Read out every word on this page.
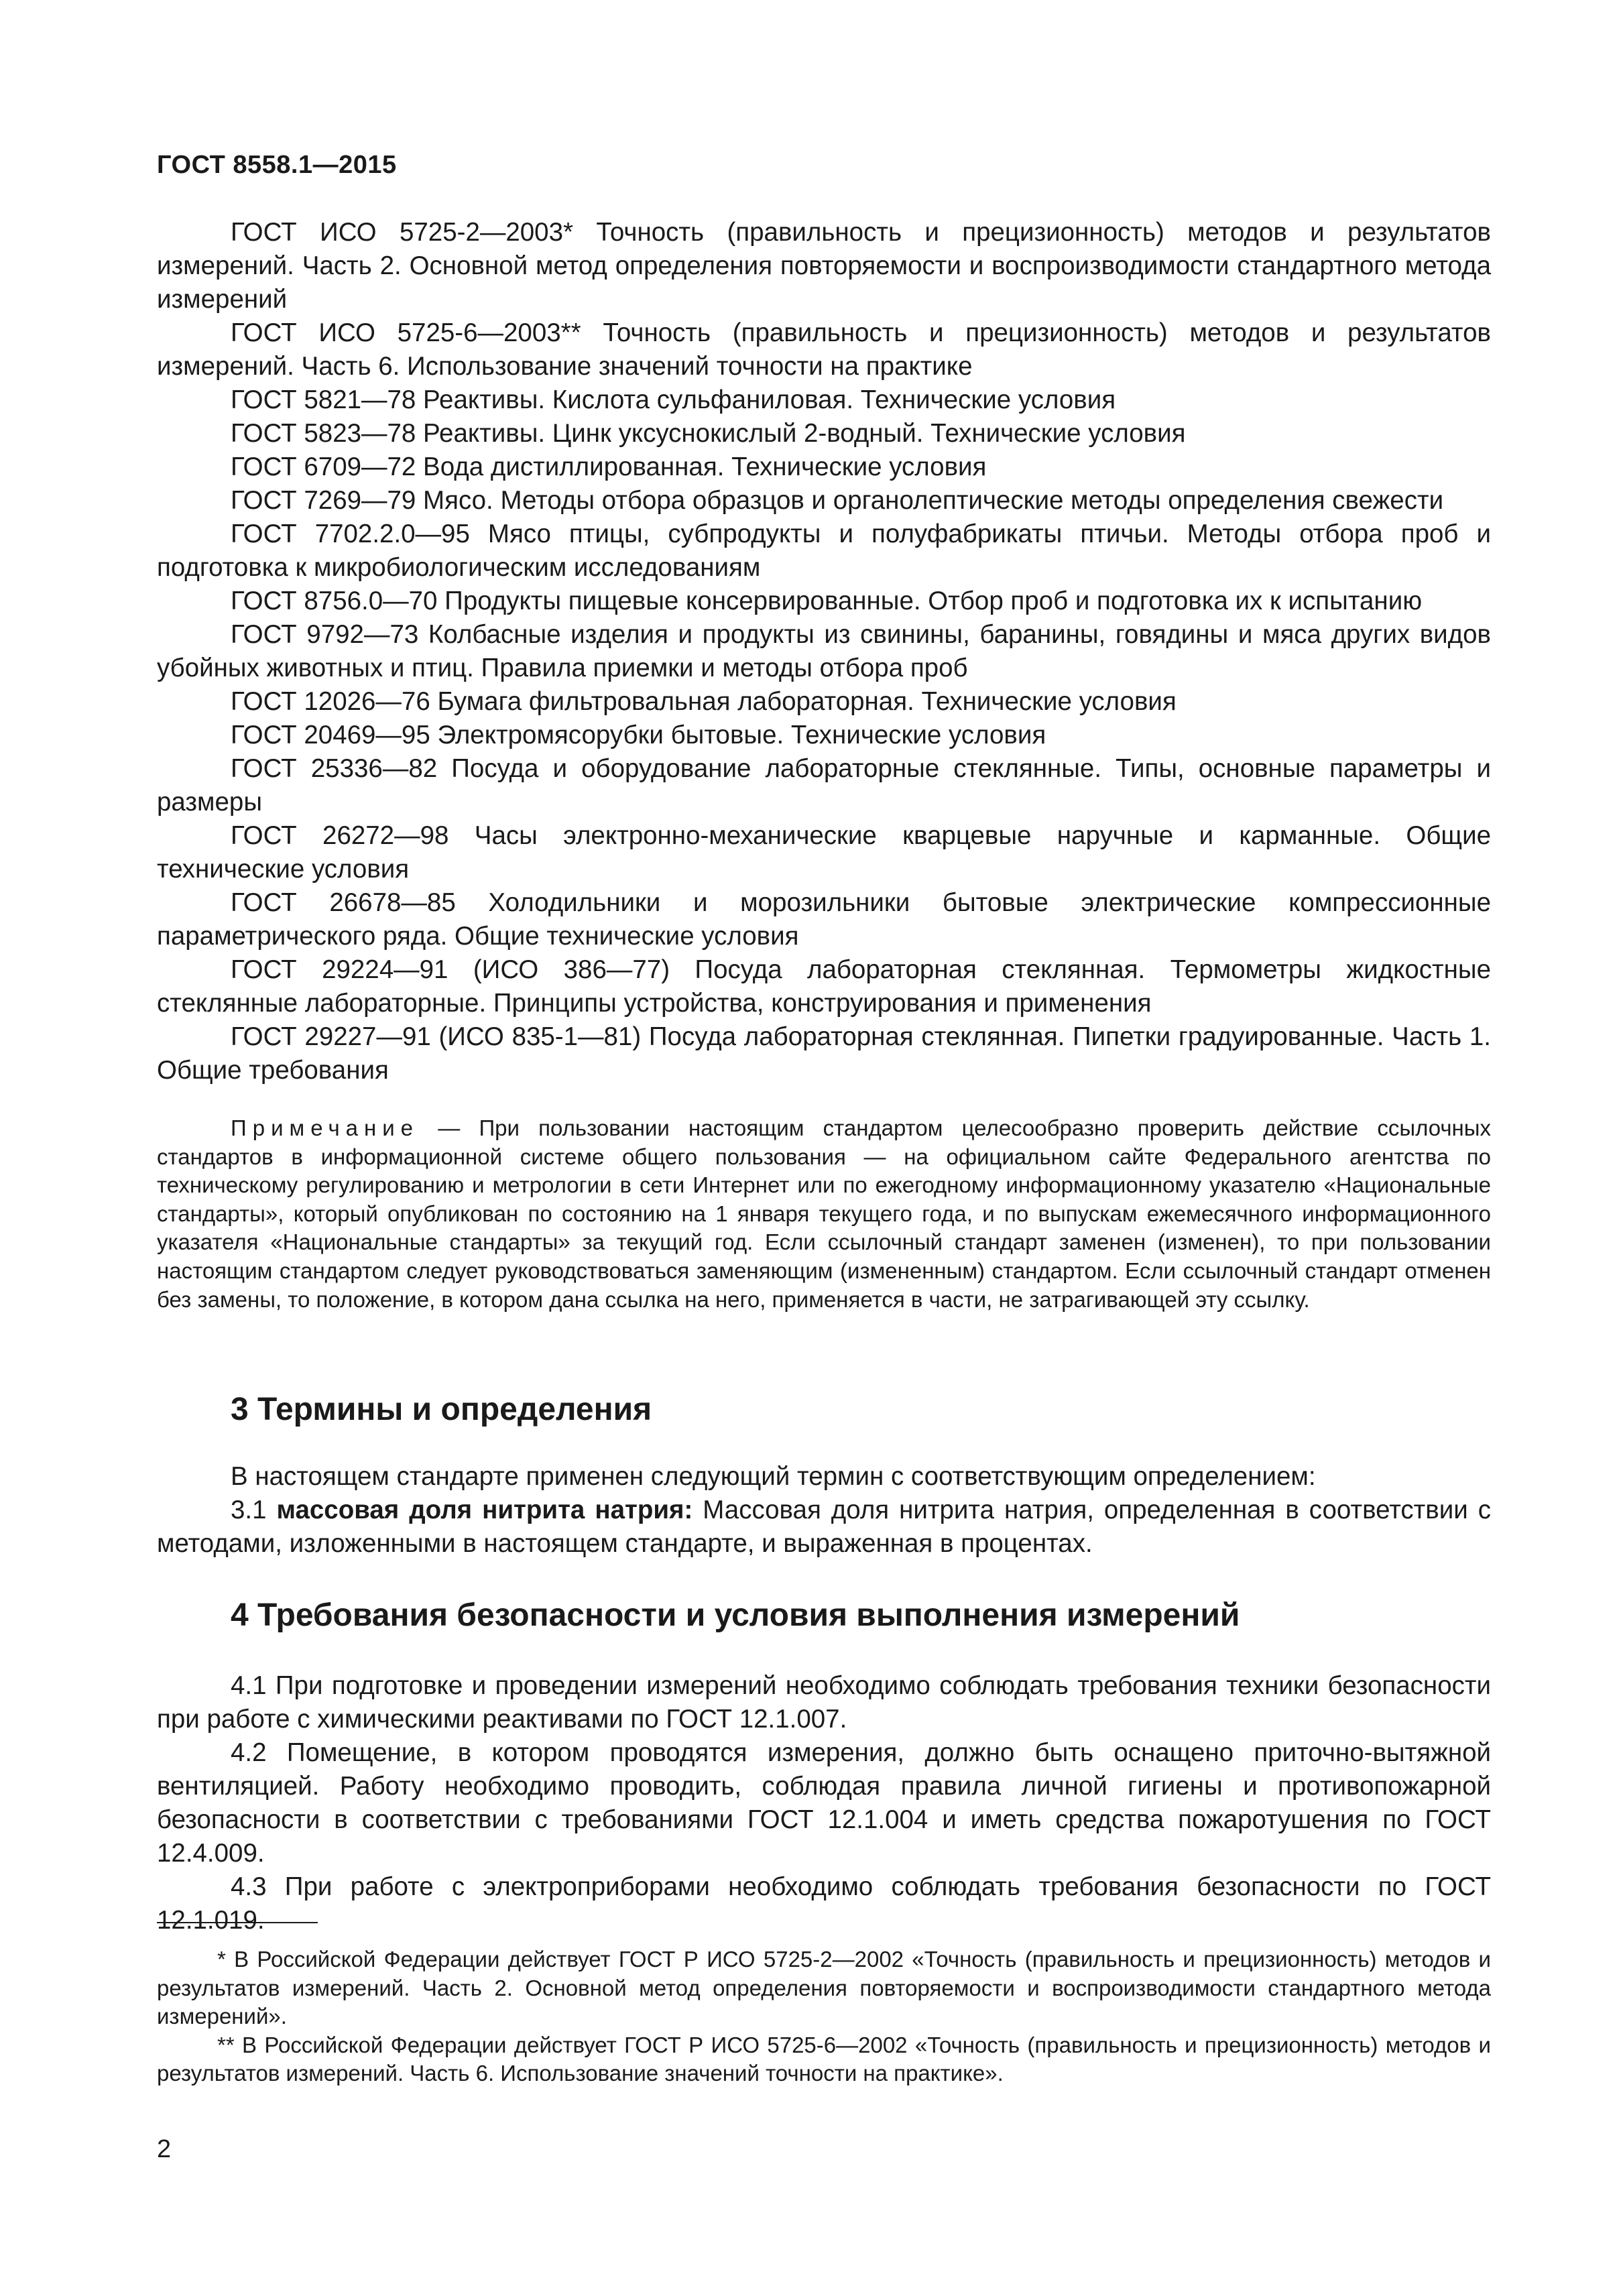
ГОСТ 8558.1—2015

ГОСТ ИСО 5725-2—2003* Точность (правильность и прецизионность) методов и результатов измерений. Часть 2. Основной метод определения повторяемости и воспроизводимости стандартного метода измерений

ГОСТ ИСО 5725-6—2003** Точность (правильность и прецизионность) методов и результатов измерений. Часть 6. Использование значений точности на практике

ГОСТ 5821—78 Реактивы. Кислота сульфаниловая. Технические условия

ГОСТ 5823—78 Реактивы. Цинк уксуснокислый 2-водный. Технические условия

ГОСТ 6709—72 Вода дистиллированная. Технические условия

ГОСТ 7269—79 Мясо. Методы отбора образцов и органолептические методы определения свежести

ГОСТ 7702.2.0—95 Мясо птицы, субпродукты и полуфабрикаты птичьи. Методы отбора проб и подготовка к микробиологическим исследованиям

ГОСТ 8756.0—70 Продукты пищевые консервированные. Отбор проб и подготовка их к испытанию

ГОСТ 9792—73 Колбасные изделия и продукты из свинины, баранины, говядины и мяса других видов убойных животных и птиц. Правила приемки и методы отбора проб

ГОСТ 12026—76 Бумага фильтровальная лабораторная. Технические условия

ГОСТ 20469—95 Электромясорубки бытовые. Технические условия

ГОСТ 25336—82 Посуда и оборудование лабораторные стеклянные. Типы, основные параметры и размеры

ГОСТ 26272—98 Часы электронно-механические кварцевые наручные и карманные. Общие технические условия

ГОСТ 26678—85 Холодильники и морозильники бытовые электрические компрессионные параметрического ряда. Общие технические условия

ГОСТ 29224—91 (ИСО 386—77) Посуда лабораторная стеклянная. Термометры жидкостные стеклянные лабораторные. Принципы устройства, конструирования и применения

ГОСТ 29227—91 (ИСО 835-1—81) Посуда лабораторная стеклянная. Пипетки градуированные. Часть 1. Общие требования

Примечание — При пользовании настоящим стандартом целесообразно проверить действие ссылочных стандартов в информационной системе общего пользования — на официальном сайте Федерального агентства по техническому регулированию и метрологии в сети Интернет или по ежегодному информационному указателю «Национальные стандарты», который опубликован по состоянию на 1 января текущего года, и по выпускам ежемесячного информационного указателя «Национальные стандарты» за текущий год. Если ссылочный стандарт заменен (изменен), то при пользовании настоящим стандартом следует руководствоваться заменяющим (измененным) стандартом. Если ссылочный стандарт отменен без замены, то положение, в котором дана ссылка на него, применяется в части, не затрагивающей эту ссылку.

3 Термины и определения

В настоящем стандарте применен следующий термин с соответствующим определением:

3.1 массовая доля нитрита натрия: Массовая доля нитрита натрия, определенная в соответствии с методами, изложенными в настоящем стандарте, и выраженная в процентах.

4 Требования безопасности и условия выполнения измерений

4.1 При подготовке и проведении измерений необходимо соблюдать требования техники безопасности при работе с химическими реактивами по ГОСТ 12.1.007.

4.2 Помещение, в котором проводятся измерения, должно быть оснащено приточно-вытяжной вентиляцией. Работу необходимо проводить, соблюдая правила личной гигиены и противопожарной безопасности в соответствии с требованиями ГОСТ 12.1.004 и иметь средства пожаротушения по ГОСТ 12.4.009.

4.3 При работе с электроприборами необходимо соблюдать требования безопасности по ГОСТ 12.1.019.

* В Российской Федерации действует ГОСТ Р ИСО 5725-2—2002 «Точность (правильность и прецизионность) методов и результатов измерений. Часть 2. Основной метод определения повторяемости и воспроизводимости стандартного метода измерений».

** В Российской Федерации действует ГОСТ Р ИСО 5725-6—2002 «Точность (правильность и прецизионность) методов и результатов измерений. Часть 6. Использование значений точности на практике».

2
